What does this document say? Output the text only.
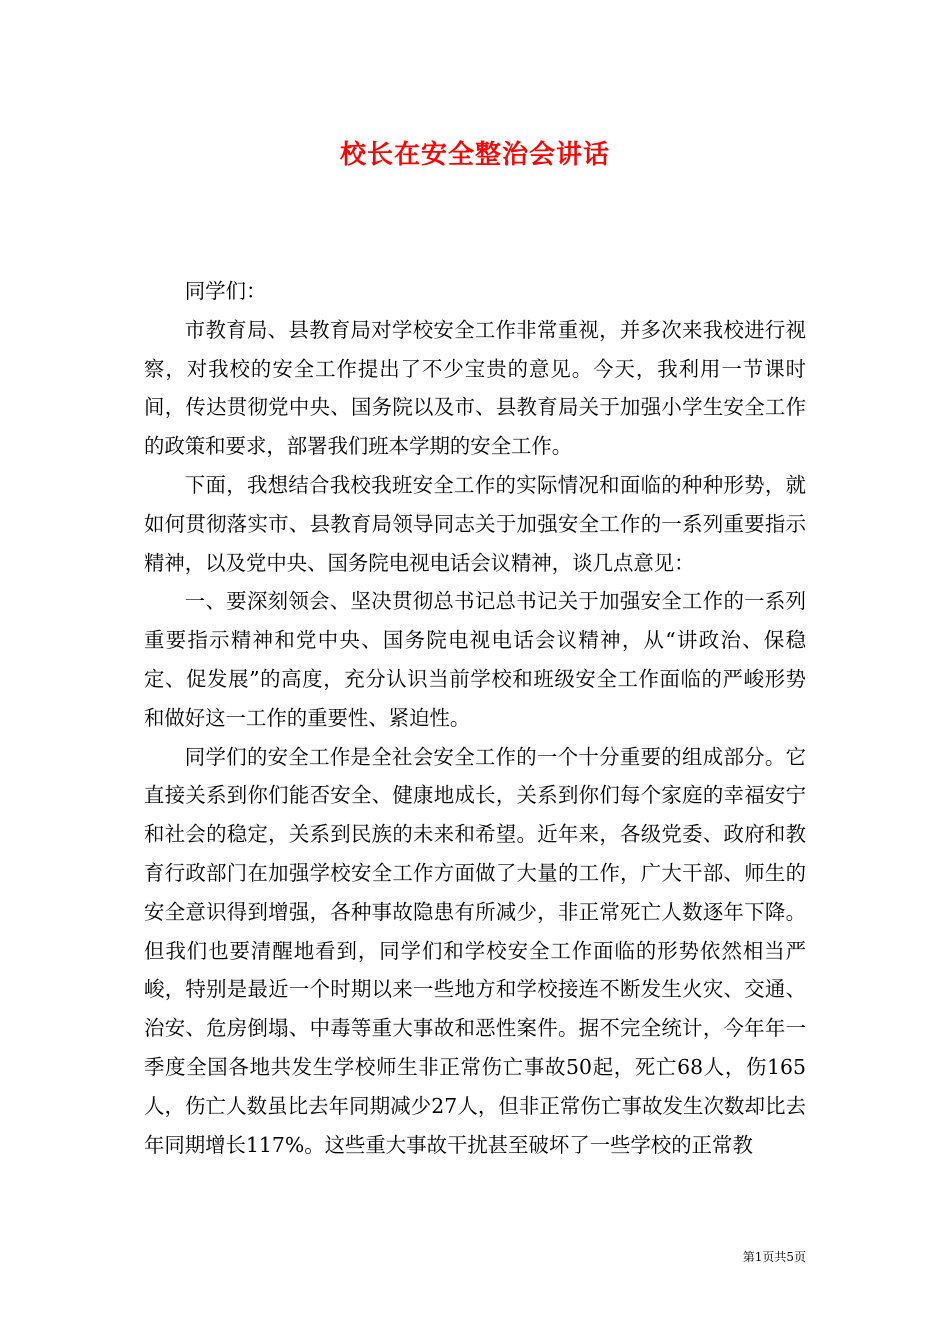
校长在安全整治会讲话

同学们：

市教育局、县教育局对学校安全工作非常重视，并多次来我校进行视察，对我校的安全工作提出了不少宝贵的意见。今天，我利用一节课时间，传达贯彻党中央、国务院以及市、县教育局关于加强小学生安全工作的政策和要求，部署我们班本学期的安全工作。

下面，我想结合我校我班安全工作的实际情况和面临的种种形势，就如何贯彻落实市、县教育局领导同志关于加强安全工作的一系列重要指示精神，以及党中央、国务院电视电话会议精神，谈几点意见：

一、要深刻领会、坚决贯彻总书记总书记关于加强安全工作的一系列重要指示精神和党中央、国务院电视电话会议精神，从“讲政治、保稳定、促发展”的高度，充分认识当前学校和班级安全工作面临的严峻形势和做好这一工作的重要性、紧迫性。

同学们的安全工作是全社会安全工作的一个十分重要的组成部分。它直接关系到你们能否安全、健康地成长，关系到你们每个家庭的幸福安宁和社会的稳定，关系到民族的未来和希望。近年来，各级党委、政府和教育行政部门在加强学校安全工作方面做了大量的工作，广大干部、师生的安全意识得到增强，各种事故隐患有所减少，非正常死亡人数逐年下降。但我们也要清醒地看到，同学们和学校安全工作面临的形势依然相当严峻，特别是最近一个时期以来一些地方和学校接连不断发生火灾、交通、治安、危房倒塌、中毒等重大事故和恶性案件。据不完全统计，今年年一季度全国各地共发生学校师生非正常伤亡事故50起，死亡68人，伤165人，伤亡人数虽比去年同期减少27人，但非正常伤亡事故发生次数却比去年同期增长117%。这些重大事故干扰甚至破坏了一些学校的正常教

第1页共5页
